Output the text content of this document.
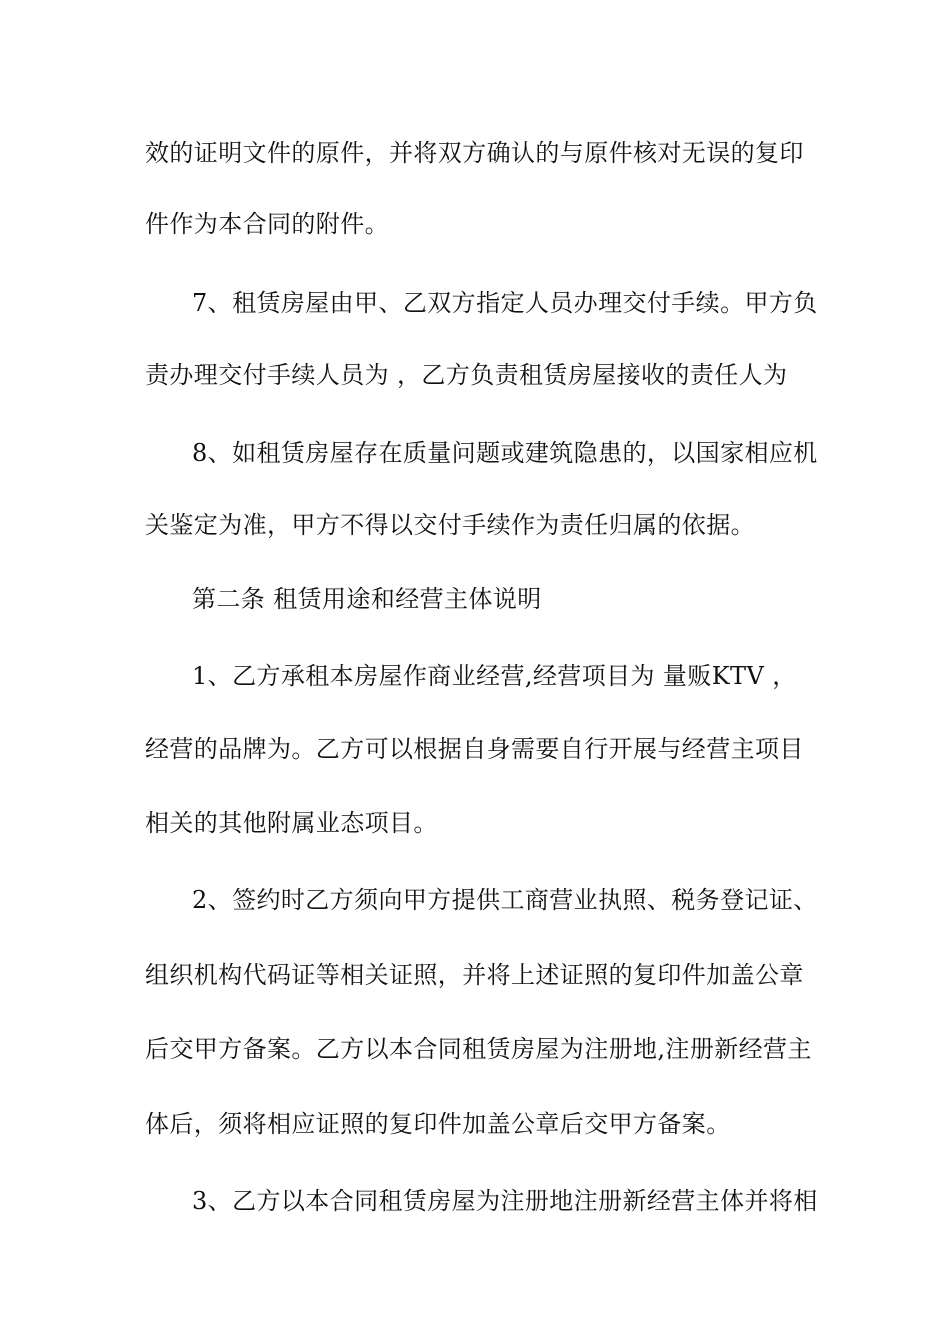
效的证明文件的原件，并将双方确认的与原件核对无误的复印
件作为本合同的附件。
7、租赁房屋由甲、乙双方指定人员办理交付手续。甲方负
责办理交付手续人员为 ，乙方负责租赁房屋接收的责任人为
8、如租赁房屋存在质量问题或建筑隐患的，以国家相应机
关鉴定为准，甲方不得以交付手续作为责任归属的依据。
第二条 租赁用途和经营主体说明
1、乙方承租本房屋作商业经营,经营项目为 量贩KTV ，
经营的品牌为。乙方可以根据自身需要自行开展与经营主项目
相关的其他附属业态项目。
2、签约时乙方须向甲方提供工商营业执照、税务登记证、
组织机构代码证等相关证照，并将上述证照的复印件加盖公章
后交甲方备案。乙方以本合同租赁房屋为注册地,注册新经营主
体后，须将相应证照的复印件加盖公章后交甲方备案。
3、乙方以本合同租赁房屋为注册地注册新经营主体并将相
